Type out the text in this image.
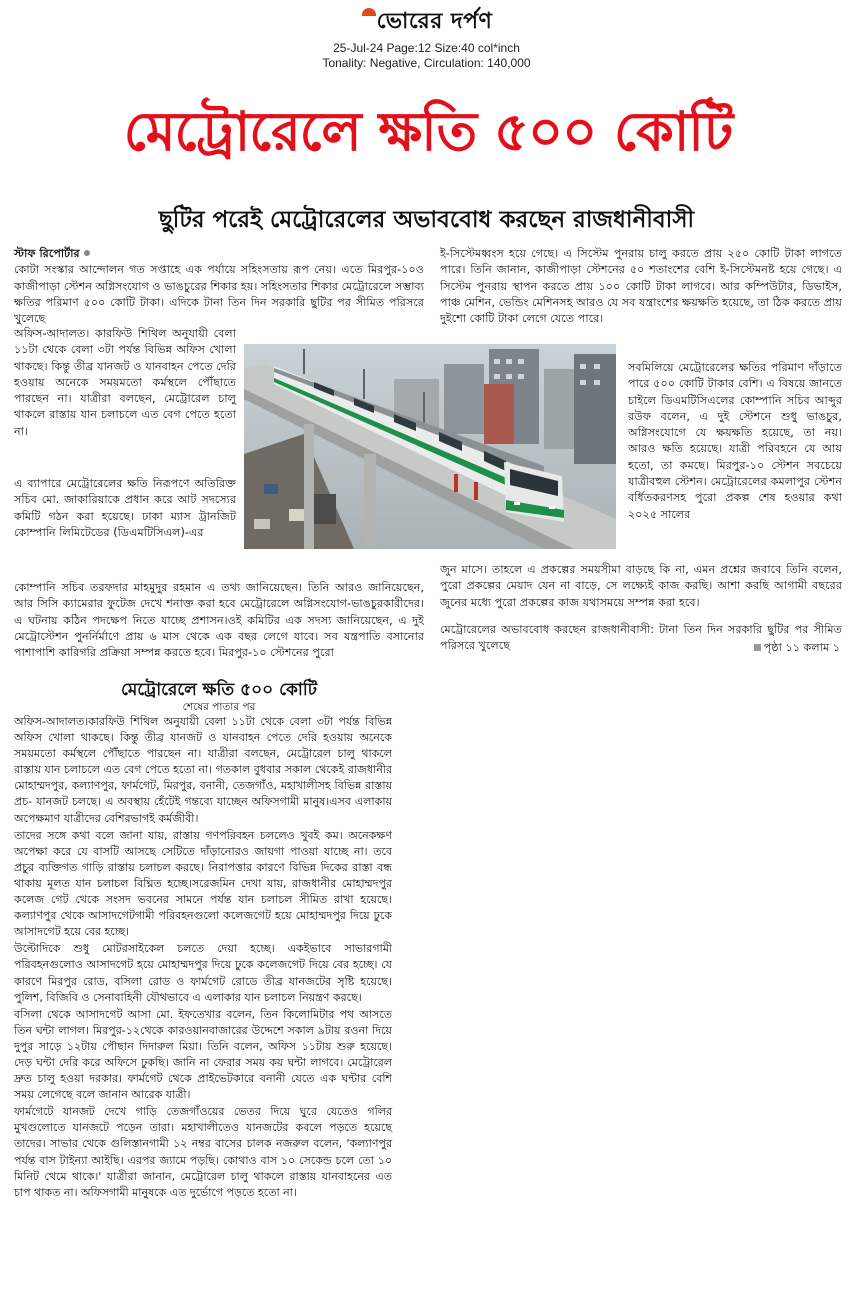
ভোরের দর্পণ
25-Jul-24 Page:12 Size:40 col*inch
Tonality: Negative, Circulation: 140,000
মেট্রোরেলে ক্ষতি ৫০০ কোটি
ছুটির পরেই মেট্রোরেলের অভাববোধ করছেন রাজধানীবাসী

স্টাফ রিপোর্টার

কোটা সংস্কার আন্দোলন গত সপ্তাহে এক পর্যায়ে সহিংসতায় রূপ নেয়। এতে মিরপুর-১০ও কাজীপাড়া স্টেশন অগ্নিসংযোগ ও ভাঙচুরের শিকার হয়। সহিংসতার শিকার মেট্রোরেলে সম্ভাব্য ক্ষতির পরিমাণ ৫০০ কোটি টাকা। এদিকে টানা তিন দিন সরকারি ছুটির পর সীমিত পরিসরে খুলেছে

অফিস-আদালত। কারফিউ শিথিল অনুযায়ী বেলা ১১টা থেকে বেলা ৩টা পর্যন্ত বিভিন্ন অফিস খোলা থাকছে। কিন্তু তীব্র যানজট ও যানবাহন পেতে দেরি হওয়ায় অনেকে সময়মতো কর্মস্থলে পৌঁছাতে পারছেন না। যাত্রীরা বলছেন, মেট্রোরেল চালু থাকলে রাস্তায় যান চলাচলে এত বেগ পেতে হতো না।

এ ব্যাপারে মেট্রোরেলের ক্ষতি নিরূপণে অতিরিক্ত সচিব মো. জাকারিয়াকে প্রধান করে আট সদস্যের কমিটি গঠন করা হয়েছে। ঢাকা ম্যাস ট্রানজিট কোম্পানি লিমিটেডের (ডিএমটিসিএল)-এর

কোম্পানি সচিব তরফদার মাহমুদুর রহমান এ তথ্য জানিয়েছেন। তিনি আরও জানিয়েছেন, আর সিসি ক্যামেরার ফুটেজ দেখে শনাক্ত করা হবে মেট্রোরেলে অগ্নিসংযোগ-ভাঙচুরকারীদের।এ ঘটনায় কঠিন পদক্ষেপ নিতে যাচ্ছে প্রশাসন।ওই কমিটির এক সদস্য জানিয়েছেন, এ দুই মেট্রোস্টেশন পুনর্নির্মাণে প্রায় ৬ মাস থেকে এক বছর লেগে যাবে। সব যন্ত্রপাতি বসানোর পাশাপাশি কারিগরি প্রক্রিয়া সম্পন্ন করতে হবে। মিরপুর-১০ স্টেশনের পুরো

ই-সিস্টেমধ্বংস হয়ে গেছে। এ সিস্টেম পুনরায় চালু করতে প্রায় ২৫০ কোটি টাকা লাগতে পারে। তিনি জানান, কাজীপাড়া স্টেশনের ৫০ শতাংশের বেশি ই-সিস্টেমনষ্ট হয়ে গেছে। এ সিস্টেম পুনরায় স্থাপন করতে প্রায় ১০০ কোটি টাকা লাগবে। আর কম্পিউটার, ডিভাইস, পাঞ্চ মেশিন, ভেন্ডিং মেশিনসহ আরও যে সব যন্ত্রাংশের ক্ষয়ক্ষতি হয়েছে, তা ঠিক করতে প্রায় দুইশো কোটি টাকা লেগে যেতে পারে।

সবমিলিয়ে মেট্রোরেলের ক্ষতির পরিমাণ দাঁড়াতে পারে ৫০০ কোটি টাকার বেশি। এ বিষয়ে জানতে চাইলে ডিএমটিসিএলের কোম্পানি সচিব আব্দুর রউফ বলেন, এ দুই স্টেশনে শুধু ভাঙচুর, অগ্নিসংযোগে যে ক্ষয়ক্ষতি হয়েছে, তা নয়। আরও ক্ষতি হয়েছে। যাত্রী পরিবহনে যে আয় হতো, তা কমছে। মিরপুর-১০ স্টেশন সবচেয়ে যাত্রীবহুল স্টেশন। মেট্রোরেলের কমলাপুর স্টেশন বর্ধিতকরণসহ পুরো প্রকল্প শেষ হওয়ার কথা ২০২৫ সালের

জুন মাসে। তাহলে এ প্রকল্পের সময়সীমা বাড়ছে কি না, এমন প্রশ্নের জবাবে তিনি বলেন, পুরো প্রকল্পের মেয়াদ যেন না বাড়ে, সে লক্ষ্যেই কাজ করছি। আশা করছি আগামী বছরের জুনের মধ্যে পুরো প্রকল্পের কাজ যথাসময়ে সম্পন্ন করা হবে।

মেট্রোরেলের অভাববোধ করছেন রাজধানীবাসী: টানা তিন দিন সরকারি ছুটির পর সীমিত পরিসরে খুলেছে	পৃষ্ঠা ১১ কলাম ১
মেট্রোরেলে ক্ষতি ৫০০ কোটি
শেষের পাতার পর

অফিস-আদালত।কারফিউ শিথিল অনুযায়ী বেলা ১১টা থেকে বেলা ৩টা পর্যন্ত বিভিন্ন অফিস খোলা থাকছে। কিন্তু তীব্র যানজট ও যানবাহন পেতে দেরি হওয়ায় অনেকে সময়মতো কর্মস্থলে পৌঁছাতে পারছেন না। যাত্রীরা বলছেন, মেট্রোরেল চালু থাকলে রাস্তায় যান চলাচলে এত বেগ পেতে হতো না। গতকাল বুধবার সকাল থেকেই রাজধানীর মোহাম্মদপুর, কল্যাণপুর, ফার্মগেট, মিরপুর, বনানী, তেজগাঁও, মহাখালীসহ বিভিন্ন রাস্তায় প্রচ- যানজট চলছে। এ অবস্থায় হেঁটেই গন্তব্যে যাচ্ছেন অফিসগামী মানুষ।এসব এলাকায় অপেক্ষমাণ যাত্রীদের বেশিরভাগই কর্মজীবী।

তাদের সঙ্গে কথা বলে জানা যায়, রাস্তায় গণপরিবহন চললেও খুবই কম। অনেকক্ষণ অপেক্ষা করে যে বাসটি আসছে সেটিতে দাঁড়ানোরও জায়গা পাওয়া যাচ্ছে না। তবে প্রচুর ব্যক্তিগত গাড়ি রাস্তায় চলাচল করছে। নিরাপত্তার কারণে বিভিন্ন দিকের রাস্তা বন্ধ থাকায় মূলত যান চলাচল বিঘ্নিত হচ্ছে।সরেজমিন দেখা যায়, রাজধানীর মোহাম্মদপুর কলেজ গেট থেকে সংসদ ভবনের সামনে পর্যন্ত যান চলাচল সীমিত রাখা হয়েছে। কল্যাণপুর থেকে আসাদগেটগামী পরিবহনগুলো কলেজগেট হয়ে মোহাম্মদপুর দিয়ে ঢুকে আসাদগেট হয়ে বের হচ্ছে।

উল্টোদিকে শুধু মোটরসাইকেল চলতে দেয়া হচ্ছে। একইভাবে সাভারগামী পরিবহনগুলোও আসাদগেট হয়ে মোহাম্মদপুর দিয়ে ঢুকে কলেজগেট দিয়ে বের হচ্ছে। যে কারণে মিরপুর রোড, বসিলা রোড ও ফার্মগেট রোডে তীব্র যানজটের সৃষ্টি হয়েছে। পুলিশ, বিজিবি ও সেনাবাহিনী যৌথভাবে এ এলাকার যান চলাচল নিয়ন্ত্রণ করছে।

বসিলা থেকে আসাদগেট আসা মো. ইফতেখার বলেন, তিন কিলোমিটার পথ আসতে তিন ঘন্টা লাগল। মিরপুর-১২থেকে কারওয়ানবাজারের উদ্দেশে সকাল ৯টায় রওনা দিয়ে দুপুর সাড়ে ১২টায় পৌছান দিদারুল মিয়া। তিনি বলেন, অফিস ১১টায় শুরু হয়েছে। দেড় ঘন্টা দেরি করে অফিসে ঢুকছি। জানি না ফেরার সময় কয় ঘন্টা লাগবে। মেট্রোরেল দ্রুত চালু হওয়া দরকার। ফার্মগেট থেকে প্রাইভেটকারে বনানী যেতে এক ঘন্টার বেশি সময় লেগেছে বলে জানান আরেক যাত্রী।

ফার্মগেটে যানজট দেখে গাড়ি তেজগাঁওয়ের ভেতর দিয়ে ঘুরে যেতেও গলির মুখগুলোতে যানজটে পড়েন তারা। মহাখালীতেও যানজটের কবলে পড়তে হয়েছে তাদের। সাভার থেকে গুলিস্তানগামী ১২ নম্বর বাসের চালক নজরুল বলেন, 'কল্যাণপুর পর্যন্ত বাস টাইন্যা আইছি। এরপর জ্যামে পড়ছি। কোথাও বাস ১০ সেকেন্ড চলে তো ১০ মিনিট থেমে থাকে।' যাত্রীরা জানান, মেট্রোরেল চালু থাকলে রাস্তায় যানবাহনের এত চাপ থাকত না। অফিসগামী মানুষকে এত দুর্ভোগে পড়তে হতো না।
